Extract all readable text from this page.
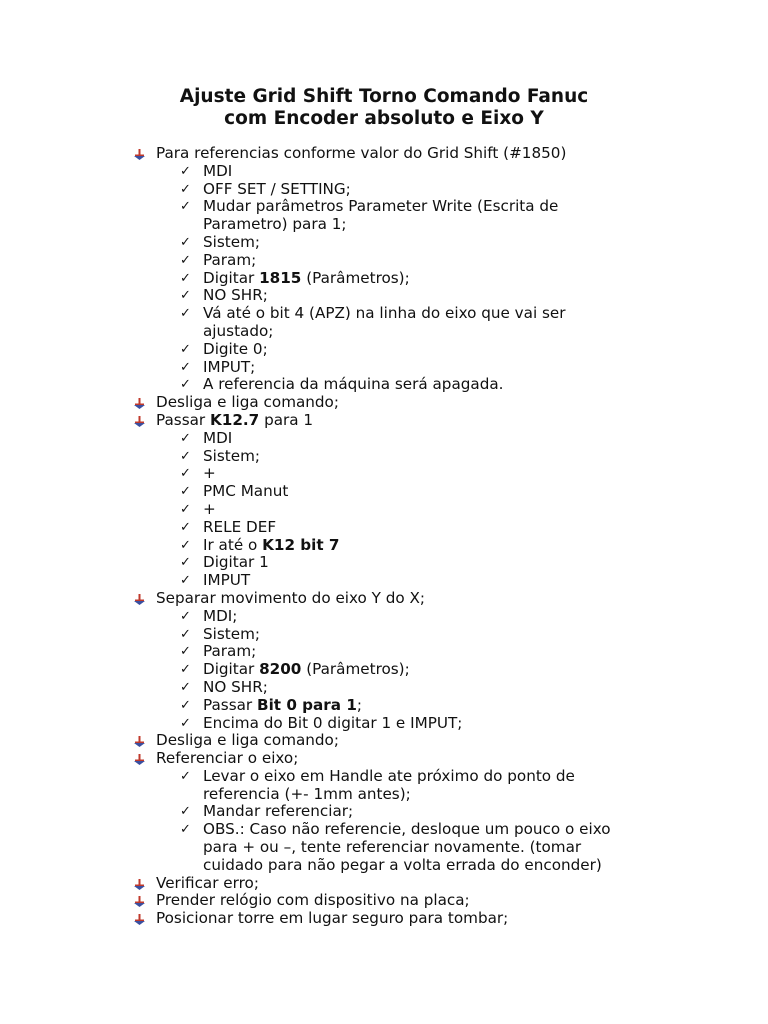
Ajuste Grid Shift Torno Comando Fanuc
com Encoder absoluto e Eixo Y
Para referencias conforme valor do Grid Shift (#1850)
✓ MDI
✓ OFF SET / SETTING;
✓ Mudar parâmetros Parameter Write (Escrita de
Parametro) para 1;
✓ Sistem;
✓ Param;
✓ Digitar 1815 (Parâmetros);
✓ NO SHR;
✓ Vá até o bit 4 (APZ) na linha do eixo que vai ser
ajustado;
✓ Digite 0;
✓ IMPUT;
✓ A referencia da máquina será apagada.
Desliga e liga comando;
Passar K12.7 para 1
✓ MDI
✓ Sistem;
✓ +
✓ PMC Manut
✓ +
✓ RELE DEF
✓ Ir até o K12 bit 7
✓ Digitar 1
✓ IMPUT
Separar movimento do eixo Y do X;
✓ MDI;
✓ Sistem;
✓ Param;
✓ Digitar 8200 (Parâmetros);
✓ NO SHR;
✓ Passar Bit 0 para 1;
✓ Encima do Bit 0 digitar 1 e IMPUT;
Desliga e liga comando;
Referenciar o eixo;
✓ Levar o eixo em Handle ate próximo do ponto de
referencia (+- 1mm antes);
✓ Mandar referenciar;
✓ OBS.: Caso não referencie, desloque um pouco o eixo
para + ou –, tente referenciar novamente. (tomar
cuidado para não pegar a volta errada do enconder)
Verificar erro;
Prender relógio com dispositivo na placa;
Posicionar torre em lugar seguro para tombar;
